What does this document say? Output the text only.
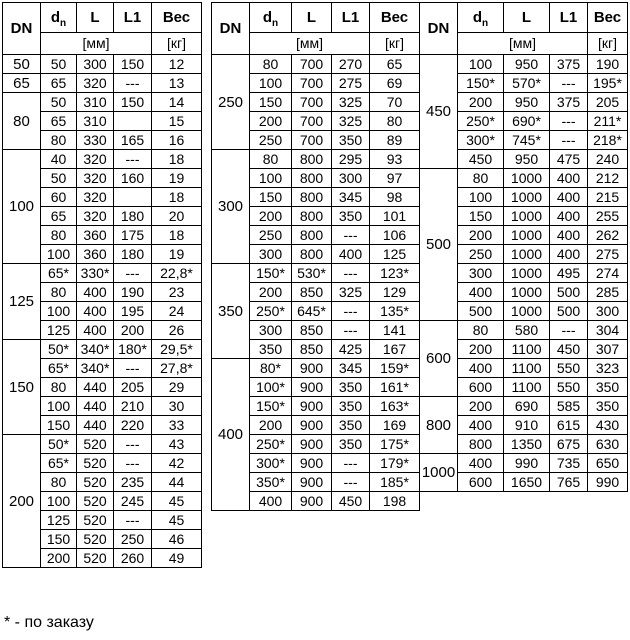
DN	$d_n$	L	L1	Вес
	[мм]			[кг]
50	50	300	150	12
65	65	320	---	13
80	50	310	150	14
	65	310		15
	80	330	165	16
100	40	320	---	18
	50	320	160	19
	60	320		18
	65	320	180	20
	80	360	175	18
	100	360	180	19
125	65*	330*	---	22,8*
	80	400	190	23
	100	400	195	24
	125	400	200	26
150	50*	340*	180*	29,5*
	65*	340*	---	27,8*
	80	440	205	29
	100	440	210	30
	150	440	220	33
200	50*	520	---	43
	65*	520	---	42
	80	520	235	44
	100	520	245	45
	125	520	---	45
	150	520	250	46
	200	520	260	49
DN	$d_n$	L	L1	Вес
	[мм]			[кг]
250	80	700	270	65
	100	700	275	69
	150	700	325	70
	200	700	325	80
	250	700	350	89
300	80	800	295	93
	100	800	300	97
	150	800	345	98
	200	800	350	101
	250	800	---	106
	300	800	400	125
350	150*	530*	---	123*
	200	850	325	129
	250*	645*	---	135*
	300	850	---	141
	350	850	425	167
400	80*	900	345	159*
	100*	900	350	161*
	150*	900	350	163*
	200	900	350	169
	250*	900	350	175*
	300*	900	---	179*
	350*	900	---	185*
	400	900	450	198
DN	$d_n$	L	L1	Вес
	[мм]			[кг]
450	100	950	375	190
	150*	570*	---	195*
	200	950	375	205
	250*	690*	---	211*
	300*	745*	---	218*
	450	950	475	240
500	80	1000	400	212
	100	1000	400	215
	150	1000	400	255
	200	1000	400	262
	250	1000	400	275
	300	1000	495	274
	400	1000	500	285
	500	1000	500	300
600	80	580	---	304
	200	1100	450	307
	400	1100	550	323
	600	1100	550	350
800	200	690	585	350
	400	910	615	430
	800	1350	675	630
1000	400	990	735	650
	600	1650	765	990
* - по заказу
